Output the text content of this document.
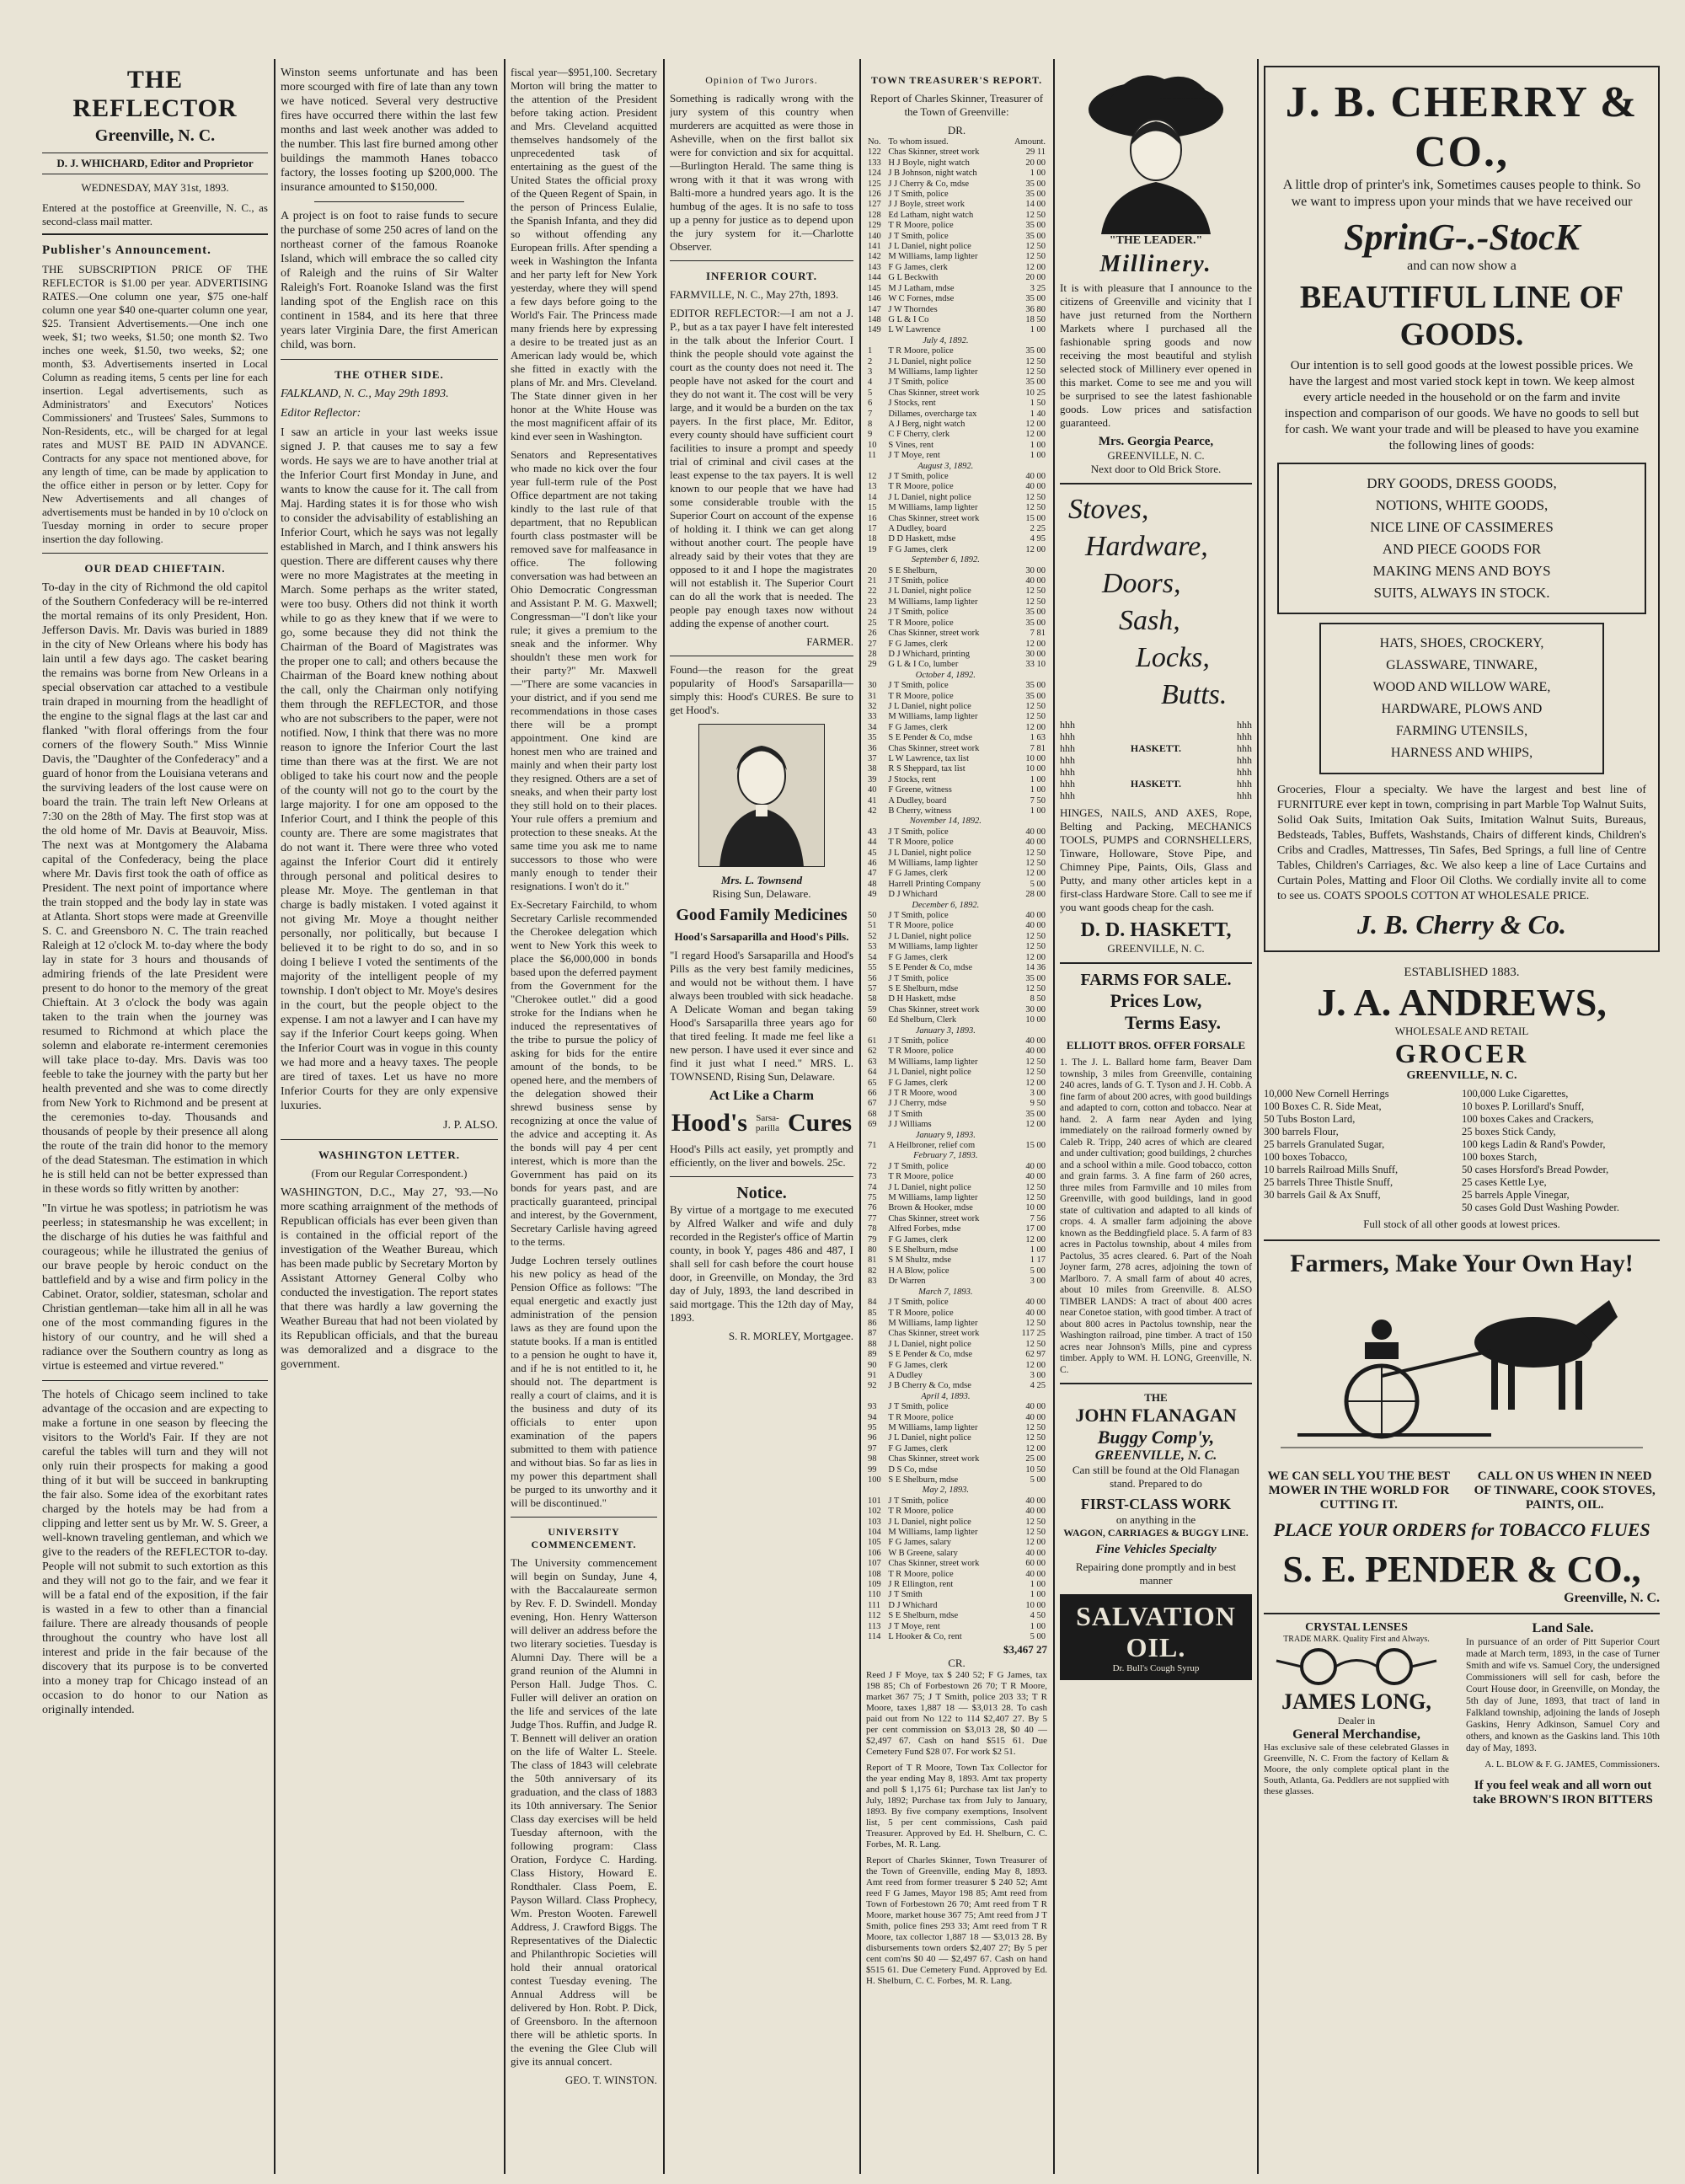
THE REFLECTOR
Greenville, N. C.
D. J. WHICHARD, Editor and Proprietor
WEDNESDAY, MAY 31st, 1893.

Entered at the postoffice at Greenville, N. C., as second-class mail matter.

Publisher's Announcement.

THE SUBSCRIPTION PRICE OF THE REFLECTOR is $1.00 per year. ADVERTISING RATES.—One column one year, $75 one-half column one year $40 one-quarter column one year, $25. Transient Advertisements.—One inch one week, $1; two weeks, $1.50; one month $2. Two inches one week, $1.50, two weeks, $2; one month, $3. Advertisements inserted in Local Column as reading items, 5 cents per line for each insertion. Legal advertisements, such as Administrators' and Executors' Notices Commissioners' and Trustees' Sales, Summons to Non-Residents, etc., will be charged for at legal rates and MUST BE PAID IN ADVANCE. Contracts for any space not mentioned above, for any length of time, can be made by application to the office either in person or by letter. Copy for New Advertisements and all changes of advertisements must be handed in by 10 o'clock on Tuesday morning in order to secure proper insertion the day following.

OUR DEAD CHIEFTAIN.

To-day in the city of Richmond the old capitol of the Southern Confederacy will be re-interred the mortal remains of its only President, Hon. Jefferson Davis. Mr. Davis was buried in 1889 in the city of New Orleans where his body has lain until a few days ago. The casket bearing the remains was borne from New Orleans in a special observation car attached to a vestibule train draped in mourning from the headlight of the engine to the signal flags at the last car and flanked "with floral offerings from the four corners of the flowery South." Miss Winnie Davis, the "Daughter of the Confederacy" and a guard of honor from the Louisiana veterans and the surviving leaders of the lost cause were on board the train. The train left New Orleans at 7:30 on the 28th of May. The first stop was at the old home of Mr. Davis at Beauvoir, Miss. The next was at Montgomery the Alabama capital of the Confederacy, being the place where Mr. Davis first took the oath of office as President. The next point of importance where the train stopped and the body lay in state was at Atlanta. Short stops were made at Greenville S. C. and Greensboro N. C. The train reached Raleigh at 12 o'clock M. to-day where the body lay in state for 3 hours and thousands of admiring friends of the late President were present to do honor to the memory of the great Chieftain. At 3 o'clock the body was again taken to the train when the journey was resumed to Richmond at which place the solemn and elaborate re-interment ceremonies will take place to-day. Mrs. Davis was too feeble to take the journey with the party but her health prevented and she was to come directly from New York to Richmond and be present at the ceremonies to-day. Thousands and thousands of people by their presence all along the route of the train did honor to the memory of the dead Statesman. The estimation in which he is still held can not be better expressed than in these words so fitly written by another:

"In virtue he was spotless; in patriotism he was peerless; in statesmanship he was excellent; in the discharge of his duties he was faithful and courageous; while he illustrated the genius of our brave people by heroic conduct on the battlefield and by a wise and firm policy in the Cabinet. Orator, soldier, statesman, scholar and Christian gentleman—take him all in all he was one of the most commanding figures in the history of our country, and he will shed a radiance over the Southern country as long as virtue is esteemed and virtue revered."

The hotels of Chicago seem inclined to take advantage of the occasion and are expecting to make a fortune in one season by fleecing the visitors to the World's Fair. If they are not careful the tables will turn and they will not only ruin their prospects for making a good thing of it but will be succeed in bankrupting the fair also. Some idea of the exorbitant rates charged by the hotels may be had from a clipping and letter sent us by Mr. W. S. Greer, a well-known traveling gentleman, and which we give to the readers of the REFLECTOR to-day. People will not submit to such extortion as this and they will not go to the fair, and we fear it will be a fatal end of the exposition, if the fair is wasted in a few to other than a financial failure. There are already thousands of people throughout the country who have lost all interest and pride in the fair because of the discovery that its purpose is to be converted into a money trap for Chicago instead of an occasion to do honor to our Nation as originally intended.

Winston seems unfortunate and has been more scourged with fire of late than any town we have noticed. Several very destructive fires have occurred there within the last few months and last week another was added to the number. This last fire burned among other buildings the mammoth Hanes tobacco factory, the losses footing up $200,000. The insurance amounted to $150,000.

A project is on foot to raise funds to secure the purchase of some 250 acres of land on the northeast corner of the famous Roanoke Island, which will embrace the so called city of Raleigh and the ruins of Sir Walter Raleigh's Fort. Roanoke Island was the first landing spot of the English race on this continent in 1584, and its here that three years later Virginia Dare, the first American child, was born.

THE OTHER SIDE.

FALKLAND, N. C., May 29th 1893.

Editor Reflector:

I saw an article in your last weeks issue signed J. P. that causes me to say a few words. He says we are to have another trial at the Inferior Court first Monday in June, and wants to know the cause for it. The call from Maj. Harding states it is for those who wish to consider the advisability of establishing an Inferior Court, which he says was not legally established in March, and I think answers his question. There are different causes why there were no more Magistrates at the meeting in March. Some perhaps as the writer stated, were too busy. Others did not think it worth while to go as they knew that if we were to go, some because they did not think the Chairman of the Board of Magistrates was the proper one to call; and others because the Chairman of the Board knew nothing about the call, only the Chairman only notifying them through the REFLECTOR, and those who are not subscribers to the paper, were not notified. Now, I think that there was no more reason to ignore the Inferior Court the last time than there was at the first. We are not obliged to take his court now and the people of the county will not go to the court by the large majority. I for one am opposed to the Inferior Court, and I think the people of this county are. There are some magistrates that do not want it. There were three who voted against the Inferior Court did it entirely through personal and political desires to please Mr. Moye. The gentleman in that charge is badly mistaken. I voted against it not giving Mr. Moye a thought neither personally, nor politically, but because I believed it to be right to do so, and in so doing I believe I voted the sentiments of the majority of the intelligent people of my township. I don't object to Mr. Moye's desires in the court, but the people object to the expense. I am not a lawyer and I can have my say if the Inferior Court keeps going. When the Inferior Court was in vogue in this county we had more and a heavy taxes. The people are tired of taxes. Let us have no more Inferior Courts for they are only expensive luxuries.

J. P. ALSO.

WASHINGTON LETTER.

(From our Regular Correspondent.)

WASHINGTON, D.C., May 27, '93.—No more scathing arraignment of the methods of Republican officials has ever been given than is contained in the official report of the investigation of the Weather Bureau, which has been made public by Secretary Morton by Assistant Attorney General Colby who conducted the investigation. The report states that there was hardly a law governing the Weather Bureau that had not been violated by its Republican officials, and that the bureau was demoralized and a disgrace to the government.

fiscal year—$951,100. Secretary Morton will bring the matter to the attention of the President before taking action. President and Mrs. Cleveland acquitted themselves handsomely of the unprecedented task of entertaining as the guest of the United States the official proxy of the Queen Regent of Spain, in the person of Princess Eulalie, the Spanish Infanta, and they did so without offending any European frills. After spending a week in Washington the Infanta and her party left for New York yesterday, where they will spend a few days before going to the World's Fair. The Princess made many friends here by expressing a desire to be treated just as an American lady would be, which she fitted in exactly with the plans of Mr. and Mrs. Cleveland. The State dinner given in her honor at the White House was the most magnificent affair of its kind ever seen in Washington.

Senators and Representatives who made no kick over the four year full-term rule of the Post Office department are not taking kindly to the last rule of that department, that no Republican fourth class postmaster will be removed save for malfeasance in office. The following conversation was had between an Ohio Democratic Congressman and Assistant P. M. G. Maxwell; Congressman—"I don't like your rule; it gives a premium to the sneak and the informer. Why shouldn't these men work for their party?" Mr. Maxwell—"There are some vacancies in your district, and if you send me recommendations in those cases there will be a prompt appointment. One kind are honest men who are trained and mainly and when their party lost they resigned. Others are a set of sneaks, and when their party lost they still hold on to their places. Your rule offers a premium and protection to these sneaks. At the same time you ask me to name successors to those who were manly enough to tender their resignations. I won't do it."

Ex-Secretary Fairchild, to whom Secretary Carlisle recommended the Cherokee delegation which went to New York this week to place the $6,000,000 in bonds based upon the deferred payment from the Government for the "Cherokee outlet." did a good stroke for the Indians when he induced the representatives of the tribe to pursue the policy of asking for bids for the entire amount of the bonds, to be opened here, and the members of the delegation showed their shrewd business sense by recognizing at once the value of the advice and accepting it. As the bonds will pay 4 per cent interest, which is more than the Government has paid on its bonds for years past, and are practically guaranteed, principal and interest, by the Government, Secretary Carlisle having agreed to the terms.

Judge Lochren tersely outlines his new policy as head of the Pension Office as follows: "The equal energetic and exactly just administration of the pension laws as they are found upon the statute books. If a man is entitled to a pension he ought to have it, and if he is not entitled to it, he should not. The department is really a court of claims, and it is the business and duty of its officials to enter upon examination of the papers submitted to them with patience and without bias. So far as lies in my power this department shall be purged to its unworthy and it will be discontinued."

UNIVERSITY COMMENCEMENT.

The University commencement will begin on Sunday, June 4, with the Baccalaureate sermon by Rev. F. D. Swindell. Monday evening, Hon. Henry Watterson will deliver an address before the two literary societies. Tuesday is Alumni Day. There will be a grand reunion of the Alumni in Person Hall. Judge Thos. C. Fuller will deliver an oration on the life and services of the late Judge Thos. Ruffin, and Judge R. T. Bennett will deliver an oration on the life of Walter L. Steele. The class of 1843 will celebrate the 50th anniversary of its graduation, and the class of 1883 its 10th anniversary. The Senior Class day exercises will be held Tuesday afternoon, with the following program: Class Oration, Fordyce C. Harding. Class History, Howard E. Rondthaler. Class Poem, E. Payson Willard. Class Prophecy, Wm. Preston Wooten. Farewell Address, J. Crawford Biggs. The Representatives of the Dialectic and Philanthropic Societies will hold their annual oratorical contest Tuesday evening. The Annual Address will be delivered by Hon. Robt. P. Dick, of Greensboro. In the afternoon there will be athletic sports. In the evening the Glee Club will give its annual concert.

GEO. T. WINSTON.

Opinion of Two Jurors.

Something is radically wrong with the jury system of this country when murderers are acquitted as were those in Asheville, when on the first ballot six were for conviction and six for acquittal.—Burlington Herald. The same thing is wrong with it that it was wrong with Balti-more a hundred years ago. It is the humbug of the ages. It is no safe to toss up a penny for justice as to depend upon the jury system for it.—Charlotte Observer.

INFERIOR COURT.

FARMVILLE, N. C., May 27th, 1893.

EDITOR REFLECTOR:—I am not a J. P., but as a tax payer I have felt interested in the talk about the Inferior Court. I think the people should vote against the court as the county does not need it. The people have not asked for the court and they do not want it. The cost will be very large, and it would be a burden on the tax payers. In the first place, Mr. Editor, every county should have sufficient court facilities to insure a prompt and speedy trial of criminal and civil cases at the least expense to the tax payers. It is well known to our people that we have had some considerable trouble with the Superior Court on account of the expense of holding it. I think we can get along without another court. The people have already said by their votes that they are opposed to it and I hope the magistrates will not establish it. The Superior Court can do all the work that is needed. The people pay enough taxes now without adding the expense of another court.

FARMER.

Found—the reason for the great popularity of Hood's Sarsaparilla—simply this: Hood's CURES. Be sure to get Hood's.

Mrs. L. Townsend

Rising Sun, Delaware.

Good Family Medicines

Hood's Sarsaparilla and Hood's Pills.

"I regard Hood's Sarsaparilla and Hood's Pills as the very best family medicines, and would not be without them. I have always been troubled with sick headache. A Delicate Woman and began taking Hood's Sarsaparilla three years ago for that tired feeling. It made me feel like a new person. I have used it ever since and find it just what I need." MRS. L. TOWNSEND, Rising Sun, Delaware.

Act Like a Charm
Hood's Sarsa-parilla Cures

Hood's Pills act easily, yet promptly and efficiently, on the liver and bowels. 25c.

Notice.

By virtue of a mortgage to me executed by Alfred Walker and wife and duly recorded in the Register's office of Martin county, in book Y, pages 486 and 487, I shall sell for cash before the court house door, in Greenville, on Monday, the 3rd day of July, 1893, the land described in said mortgage. This the 12th day of May, 1893.

S. R. MORLEY, Mortgagee.

TOWN TREASURER'S REPORT.

Report of Charles Skinner, Treasurer of the Town of Greenville:

DR.
No.	To whom issued.	Amount.
122	Chas Skinner, street work	29 11
133	H J Boyle, night watch	20 00
124	J B Johnson, night watch	1 00
125	J J Cherry & Co, mdse	35 00
126	J T Smith, police	35 00
127	J J Boyle, street work	14 00
128	Ed Latham, night watch	12 50
129	T R Moore, police	35 00
140	J T Smith, police	35 00
141	J L Daniel, night police	12 50
142	M Williams, lamp lighter	12 50
143	F G James, clerk	12 00
144	G L Beckwith	20 00
145	M J Latham, mdse	3 25
146	W C Fornes, mdse	35 00
147	J W Thorndes	36 80
148	G L & I Co	18 50
149	L W Lawrence	1 00
	July 4, 1892.	
1	T R Moore, police	35 00
2	J L Daniel, night police	12 50
3	M Williams, lamp lighter	12 50
4	J T Smith, police	35 00
5	Chas Skinner, street work	10 25
6	J Stocks, rent	1 50
7	Dillames, overcharge tax	1 40
8	A J Berg, night watch	12 00
9	C F Cherry, clerk	12 00
10	S Vines, rent	1 00
11	J T Moye, rent	1 00
	August 3, 1892.	
12	J T Smith, police	40 00
13	T R Moore, police	40 00
14	J L Daniel, night police	12 50
15	M Williams, lamp lighter	12 50
16	Chas Skinner, street work	15 00
17	A Dudley, board	2 25
18	D D Haskett, mdse	4 95
19	F G James, clerk	12 00
	September 6, 1892.	
20	S E Shelburn,	30 00
21	J T Smith, police	40 00
22	J L Daniel, night police	12 50
23	M Williams, lamp lighter	12 50
24	J T Smith, police	35 00
25	T R Moore, police	35 00
26	Chas Skinner, street work	7 81
27	F G James, clerk	12 00
28	D J Whichard, printing	30 00
29	G L & I Co, lumber	33 10
	October 4, 1892.	
30	J T Smith, police	35 00
31	T R Moore, police	35 00
32	J L Daniel, night police	12 50
33	M Williams, lamp lighter	12 50
34	F G James, clerk	12 00
35	S E Pender & Co, mdse	1 63
36	Chas Skinner, street work	7 81
37	L W Lawrence, tax list	10 00
38	R S Sheppard, tax list	10 00
39	J Stocks, rent	1 00
40	F Greene, witness	1 00
41	A Dudley, board	7 50
42	B Cherry, witness	1 00
	November 14, 1892.	
43	J T Smith, police	40 00
44	T R Moore, police	40 00
45	J L Daniel, night police	12 50
46	M Williams, lamp lighter	12 50
47	F G James, clerk	12 00
48	Harrell Printing Company	5 00
49	D J Whichard	28 00
	December 6, 1892.	
50	J T Smith, police	40 00
51	T R Moore, police	40 00
52	J L Daniel, night police	12 50
53	M Williams, lamp lighter	12 50
54	F G James, clerk	12 00
55	S E Pender & Co, mdse	14 36
56	J T Smith, police	35 00
57	S E Shelburn, mdse	12 50
58	D H Haskett, mdse	8 50
59	Chas Skinner, street work	30 00
60	Ed Shelburn, Clerk	10 00
	January 3, 1893.	
61	J T Smith, police	40 00
62	T R Moore, police	40 00
63	M Williams, lamp lighter	12 50
64	J L Daniel, night police	12 50
65	F G James, clerk	12 00
66	J T R Moore, wood	3 00
67	J J Cherry, mdse	9 50
68	J T Smith	35 00
69	J J Williams	12 00
	January 9, 1893.	
71	A Heilbroner, relief com	15 00
	February 7, 1893.	
72	J T Smith, police	40 00
73	T R Moore, police	40 00
74	J L Daniel, night police	12 50
75	M Williams, lamp lighter	12 50
76	Brown & Hooker, mdse	10 00
77	Chas Skinner, street work	7 56
78	Alfred Forbes, mdse	17 00
79	F G James, clerk	12 00
80	S E Shelburn, mdse	1 00
81	S M Shultz, mdse	1 17
82	H A Blow, police	5 00
83	Dr Warren	3 00
	March 7, 1893.	
84	J T Smith, police	40 00
85	T R Moore, police	40 00
86	M Williams, lamp lighter	12 50
87	Chas Skinner, street work	117 25
88	J L Daniel, night police	12 50
89	S E Pender & Co, mdse	62 97
90	F G James, clerk	12 00
91	A Dudley	3 00
92	J B Cherry & Co, mdse	4 25
	April 4, 1893.	
93	J T Smith, police	40 00
94	T R Moore, police	40 00
95	M Williams, lamp lighter	12 50
96	J L Daniel, night police	12 50
97	F G James, clerk	12 00
98	Chas Skinner, street work	25 00
99	D S Co, mdse	10 50
100	S E Shelburn, mdse	5 00
	May 2, 1893.	
101	J T Smith, police	40 00
102	T R Moore, police	40 00
103	J L Daniel, night police	12 50
104	M Williams, lamp lighter	12 50
105	F G James, salary	12 00
106	W B Greene, salary	40 00
107	Chas Skinner, street work	60 00
108	T R Moore, police	40 00
109	J R Ellington, rent	1 00
110	J T Smith	1 00
111	D J Whichard	10 00
112	S E Shelburn, mdse	4 50
113	J T Moye, rent	1 00
114	L Hooker & Co, rent	5 00
$3,467 27
CR.

Reed J F Moye, tax $ 240 52; F G James, tax 198 85; Ch of Forbestown 26 70; T R Moore, market 367 75; J T Smith, police 203 33; T R Moore, taxes 1,887 18 — $3,013 28. To cash paid out from No 122 to 114 $2,407 27. By 5 per cent commission on $3,013 28, $0 40 — $2,497 67. Cash on hand $515 61. Due Cemetery Fund $28 07. For work $2 51.

Report of T R Moore, Town Tax Collector for the year ending May 8, 1893. Amt tax property and poll $ 1,175 61; Purchase tax list Jan'y to July, 1892; Purchase tax from July to January, 1893. By five company exemptions, Insolvent list, 5 per cent commissions, Cash paid Treasurer. Approved by Ed. H. Shelburn, C. C. Forbes, M. R. Lang.

Report of Charles Skinner, Town Treasurer of the Town of Greenville, ending May 8, 1893. Amt reed from former treasurer $ 240 52; Amt reed F G James, Mayor 198 85; Amt reed from Town of Forbestown 26 70; Amt reed from T R Moore, market house 367 75; Amt reed from J T Smith, police fines 293 33; Amt reed from T R Moore, tax collector 1,887 18 — $3,013 28. By disbursements town orders $2,407 27; By 5 per cent com'ns $0 40 — $2,497 67. Cash on hand $515 61. Due Cemetery Fund. Approved by Ed. H. Shelburn, C. C. Forbes, M. R. Lang.

"THE LEADER."
Millinery.

It is with pleasure that I announce to the citizens of Greenville and vicinity that I have just returned from the Northern Markets where I purchased all the fashionable spring goods and now receiving the most beautiful and stylish selected stock of Millinery ever opened in this market. Come to see me and you will be surprised to see the latest fashionable goods. Low prices and satisfaction guaranteed.

Mrs. Georgia Pearce,
GREENVILLE, N. C.
Next door to Old Brick Store.
Stoves,
Hardware,
Doors,
Sash,
Locks,
Butts.
hhh	hhh
hhh	hhh
hhh	HASKETT.	hhh
hhh	hhh
hhh	hhh
hhh	HASKETT.	hhh
hhh	hhh

HINGES, NAILS, AND AXES, Rope, Belting and Packing, MECHANICS TOOLS, PUMPS and CORNSHELLERS, Tinware, Holloware, Stove Pipe, and Chimney Pipe, Paints, Oils, Glass and Putty, and many other articles kept in a first-class Hardware Store. Call to see me if you want goods cheap for the cash.

D. D. HASKETT,
GREENVILLE, N. C.
FARMS FOR SALE.
Prices Low,
Terms Easy.
ELLIOTT BROS. OFFER FORSALE

1. The J. L. Ballard home farm, Beaver Dam township, 3 miles from Greenville, containing 240 acres, lands of G. T. Tyson and J. H. Cobb. A fine farm of about 200 acres, with good buildings and adapted to corn, cotton and tobacco. Near at hand. 2. A farm near Ayden and lying immediately on the railroad formerly owned by Caleb R. Tripp, 240 acres of which are cleared and under cultivation; good buildings, 2 churches and a school within a mile. Good tobacco, cotton and grain farms. 3. A fine farm of 260 acres, three miles from Farmville and 10 miles from Greenville, with good buildings, land in good state of cultivation and adapted to all kinds of crops. 4. A smaller farm adjoining the above known as the Beddingfield place. 5. A farm of 83 acres in Pactolus township, about 4 miles from Pactolus, 35 acres cleared. 6. Part of the Noah Joyner farm, 278 acres, adjoining the town of Marlboro. 7. A small farm of about 40 acres, about 10 miles from Greenville. 8. ALSO TIMBER LANDS: A tract of about 400 acres near Conetoe station, with good timber. A tract of about 800 acres in Pactolus township, near the Washington railroad, pine timber. A tract of 150 acres near Johnson's Mills, pine and cypress timber. Apply to WM. H. LONG, Greenville, N. C.

THE
JOHN FLANAGAN
Buggy Comp'y,
GREENVILLE, N. C.

Can still be found at the Old Flanagan stand. Prepared to do

FIRST-CLASS WORK
on anything in the
WAGON, CARRIAGES & BUGGY LINE.
Fine Vehicles Specialty
Repairing done promptly and in best manner
SALVATION OIL.
Dr. Bull's Cough Syrup
J. B. CHERRY & CO.,

A little drop of printer's ink, Sometimes causes people to think. So we want to impress upon your minds that we have received our

SprinG-.-StocK
and can now show a
BEAUTIFUL LINE OF GOODS.

Our intention is to sell good goods at the lowest possible prices. We have the largest and most varied stock kept in town. We keep almost every article needed in the household or on the farm and invite inspection and comparison of our goods. We have no goods to sell but for cash. We want your trade and will be pleased to have you examine the following lines of goods:

DRY GOODS, DRESS GOODS,
NOTIONS, WHITE GOODS,
NICE LINE OF CASSIMERES
AND PIECE GOODS FOR
MAKING MENS AND BOYS
SUITS, ALWAYS IN STOCK.
HATS, SHOES, CROCKERY,
GLASSWARE, TINWARE,
WOOD AND WILLOW WARE,
HARDWARE, PLOWS AND
FARMING UTENSILS,
HARNESS AND WHIPS,

Groceries, Flour a specialty. We have the largest and best line of FURNITURE ever kept in town, comprising in part Marble Top Walnut Suits, Solid Oak Suits, Imitation Oak Suits, Imitation Walnut Suits, Bureaus, Bedsteads, Tables, Buffets, Washstands, Chairs of different kinds, Children's Cribs and Cradles, Mattresses, Tin Safes, Bed Springs, a full line of Centre Tables, Children's Carriages, &c. We also keep a line of Lace Curtains and Curtain Poles, Matting and Floor Oil Cloths. We cordially invite all to come to see us. COATS SPOOLS COTTON AT WHOLESALE PRICE.

J. B. Cherry & Co.
ESTABLISHED 1883.
J. A. ANDREWS,
WHOLESALE AND RETAIL
GROCER
GREENVILLE, N. C.
10,000 New Cornell Herrings
100 Boxes C. R. Side Meat,
50 Tubs Boston Lard,
300 barrels Flour,
25 barrels Granulated Sugar,
100 boxes Tobacco,
10 barrels Railroad Mills Snuff,
25 barrels Three Thistle Snuff,
30 barrels Gail & Ax Snuff,
100,000 Luke Cigarettes,
10 boxes P. Lorillard's Snuff,
100 boxes Cakes and Crackers,
25 boxes Stick Candy,
100 kegs Ladin & Rand's Powder,
100 boxes Starch,
50 cases Horsford's Bread Powder,
25 cases Kettle Lye,
25 barrels Apple Vinegar,
50 cases Gold Dust Washing Powder.
Full stock of all other goods at lowest prices.
Farmers, Make Your Own Hay!
WE CAN SELL YOU THE BEST MOWER IN THE WORLD FOR CUTTING IT.
CALL ON US WHEN IN NEED OF TINWARE, COOK STOVES, PAINTS, OIL.
PLACE YOUR ORDERS for TOBACCO FLUES
S. E. PENDER & CO.,
Greenville, N. C.
CRYSTAL LENSES
TRADE MARK. Quality First and Always.
JAMES LONG,
Dealer in
General Merchandise,

Has exclusive sale of these celebrated Glasses in Greenville, N. C. From the factory of Kellam & Moore, the only complete optical plant in the South, Atlanta, Ga. Peddlers are not supplied with these glasses.

Land Sale.

In pursuance of an order of Pitt Superior Court made at March term, 1893, in the case of Turner Smith and wife vs. Samuel Cory, the undersigned Commissioners will sell for cash, before the Court House door, in Greenville, on Monday, the 5th day of June, 1893, that tract of land in Falkland township, adjoining the lands of Joseph Gaskins, Henry Adkinson, Samuel Cory and others, and known as the Gaskins land. This 10th day of May, 1893.

A. L. BLOW & F. G. JAMES, Commissioners.

If you feel weak and all worn out take BROWN'S IRON BITTERS
